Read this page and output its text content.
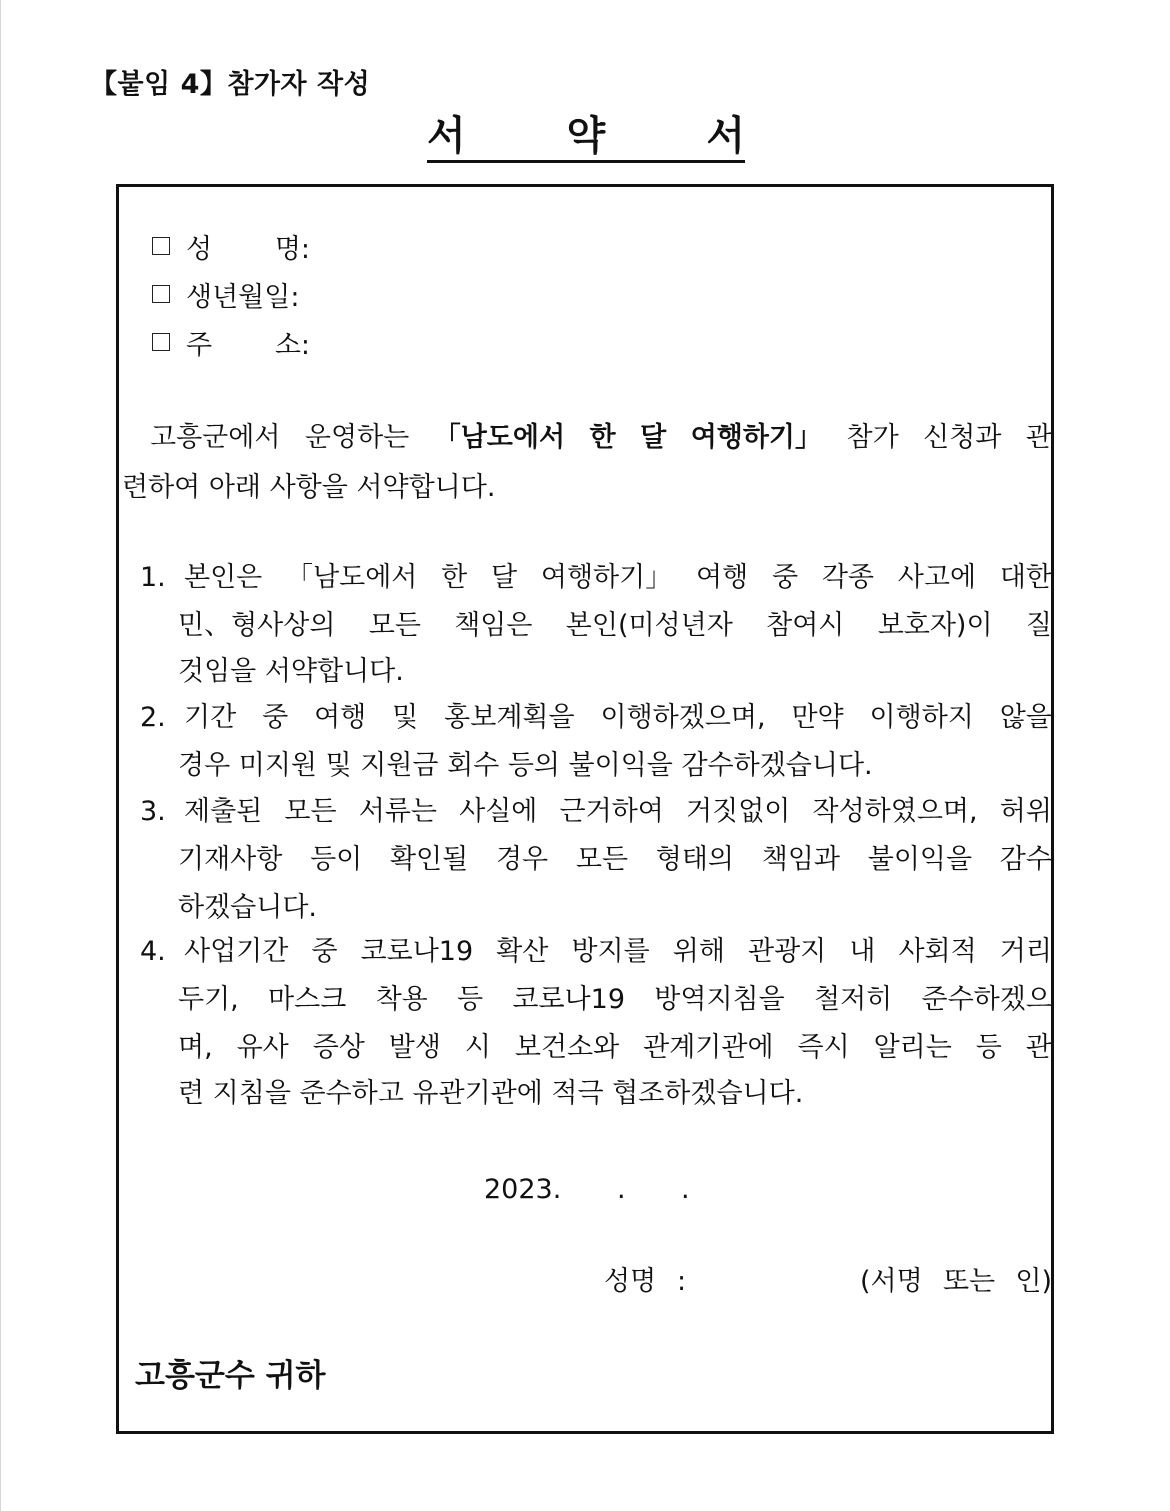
【붙임 4】참가자 작성
서	약	서
성 명:
생년월일:
주 소:
고흥군에서 운영하는 「남도에서 한 달 여행하기」 참가 신청과 관
련하여 아래 사항을 서약합니다.
1. 본인은 「남도에서 한 달 여행하기」 여행 중 각종 사고에 대한
민、형사상의 모든 책임은 본인(미성년자 참여시 보호자)이 질
것임을 서약합니다.
2. 기간 중 여행 및 홍보계획을 이행하겠으며, 만약 이행하지 않을
경우 미지원 및 지원금 회수 등의 불이익을 감수하겠습니다.
3. 제출된 모든 서류는 사실에 근거하여 거짓없이 작성하였으며, 허위
기재사항 등이 확인될 경우 모든 형태의 책임과 불이익을 감수
하겠습니다.
4. 사업기간 중 코로나19 확산 방지를 위해 관광지 내 사회적 거리
두기, 마스크 착용 등 코로나19 방역지침을 철저히 준수하겠으
며, 유사 증상 발생 시 보건소와 관계기관에 즉시 알리는 등 관
련 지침을 준수하고 유관기관에 적극 협조하겠습니다.
2023. . .
성명 :	(서명 또는 인)
고흥군수 귀하
